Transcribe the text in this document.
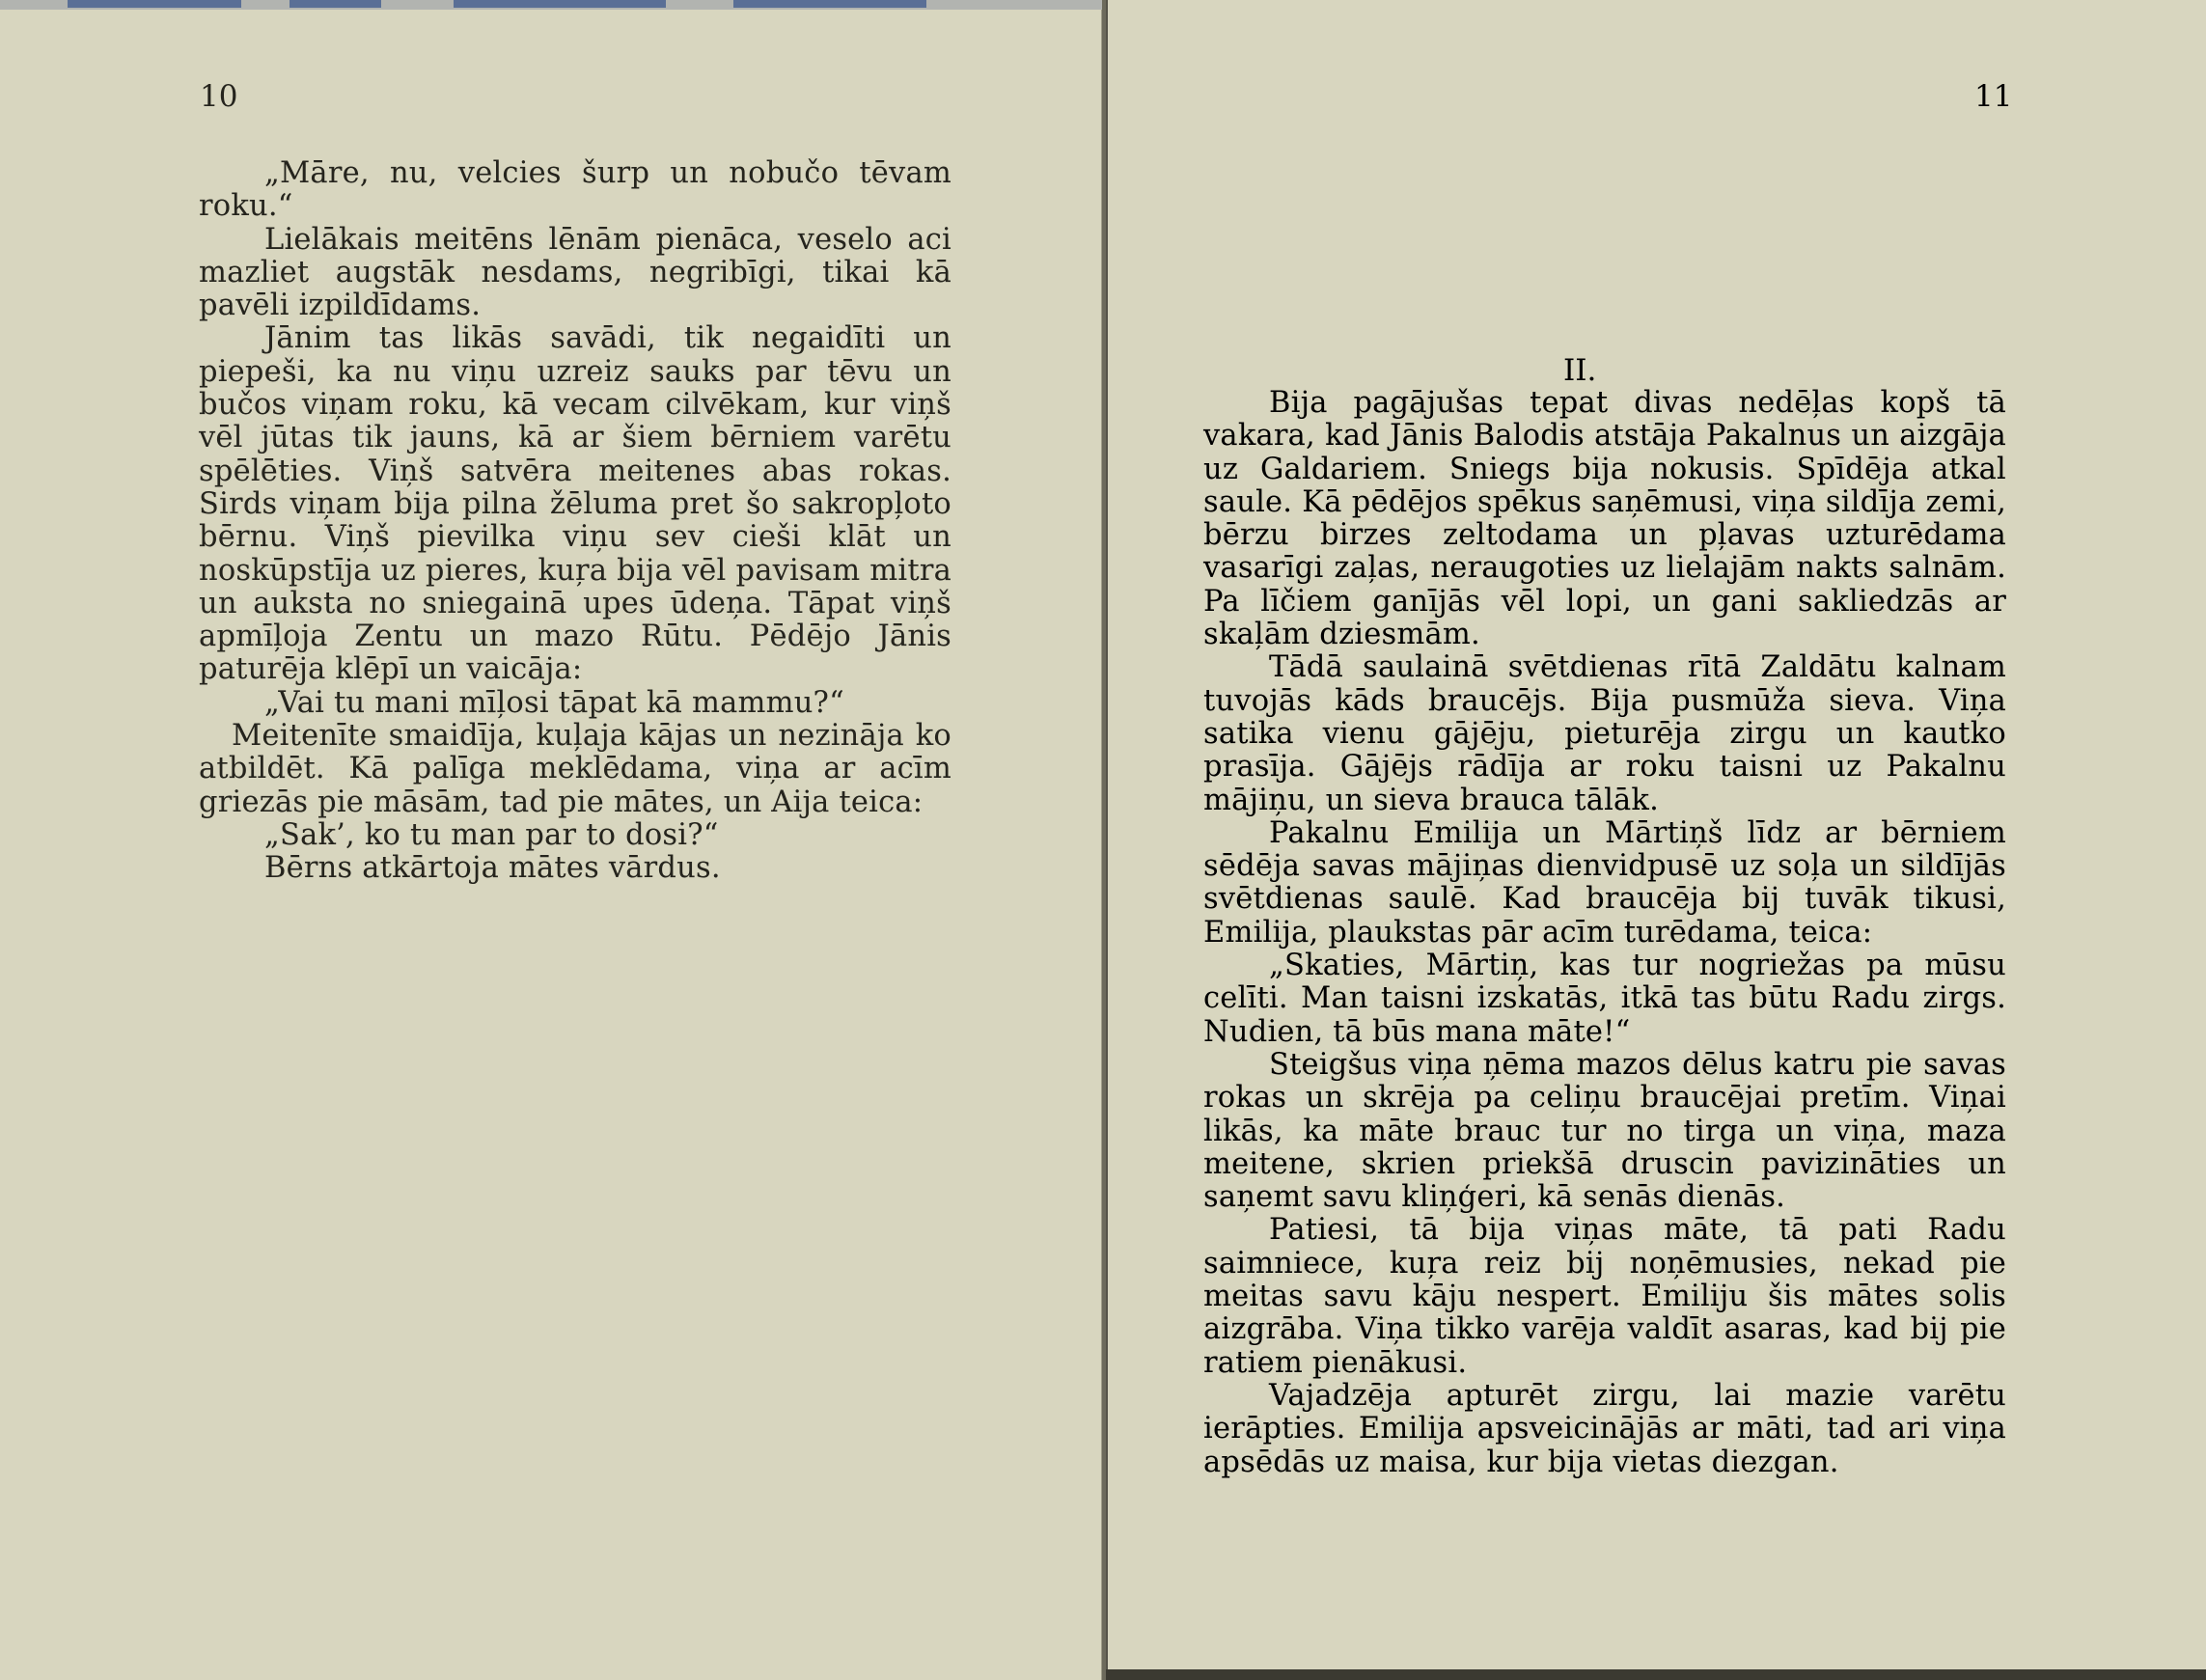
10

„Māre, nu, velcies šurp un nobučo tēvam roku.“

Lielākais meitēns lēnām pienāca, veselo aci mazliet augstāk nesdams, negribīgi, tikai kā pavēli izpildīdams.

Jānim tas likās savādi, tik negaidīti un piepeši, ka nu viņu uzreiz sauks par tēvu un bučos viņam roku, kā vecam cilvēkam, kur viņš vēl jūtas tik jauns, kā ar šiem bērniem varētu spēlēties. Viņš satvēra meitenes abas rokas. Sirds viņam bija pilna žēluma pret šo sakropļoto bērnu. Viņš pievilka viņu sev cieši klāt un noskūpstīja uz pieres, kuŗa bija vēl pavisam mitra un auksta no sniegainā upes ūdeņa. Tāpat viņš apmīļoja Zentu un mazo Rūtu. Pēdējo Jānis paturēja klēpī un vaicāja:

„Vai tu mani mīļosi tāpat kā mammu?“

Meitenīte smaidīja, kuļaja kājas un nezināja ko atbildēt. Kā palīga meklēdama, viņa ar acīm griezās pie māsām, tad pie mātes, un Aija teica:

„Sak’, ko tu man par to dosi?“

Bērns atkārtoja mātes vārdus.

11
II.

Bija pagājušas tepat divas nedēļas kopš tā vakara, kad Jānis Balodis atstāja Pakalnus un aizgāja uz Galdariem. Sniegs bija nokusis. Spīdēja atkal saule. Kā pēdējos spēkus saņēmusi, viņa sildīja zemi, bērzu birzes zeltodama un pļavas uzturēdama vasarīgi zaļas, neraugoties uz lielajām nakts salnām. Pa līčiem ganījās vēl lopi, un gani sakliedzās ar skaļām dziesmām.

Tādā saulainā svētdienas rītā Zaldātu kalnam tuvojās kāds braucējs. Bija pusmūža sieva. Viņa satika vienu gājēju, pieturēja zirgu un kautko prasīja. Gājējs rādīja ar roku taisni uz Pakalnu mājiņu, un sieva brauca tālāk.

Pakalnu Emilija un Mārtiņš līdz ar bērniem sēdēja savas mājiņas dienvidpusē uz soļa un sildījās svētdienas saulē. Kad braucēja bij tuvāk tikusi, Emilija, plaukstas pār acīm turēdama, teica:

„Skaties, Mārtiņ, kas tur nogriežas pa mūsu celīti. Man taisni izskatās, itkā tas būtu Radu zirgs. Nudien, tā būs mana māte!“

Steigšus viņa ņēma mazos dēlus katru pie savas rokas un skrēja pa celiņu braucējai pretīm. Viņai likās, ka māte brauc tur no tirga un viņa, maza meitene, skrien priekšā druscin pavizināties un saņemt savu kliņģeri, kā senās dienās.

Patiesi, tā bija viņas māte, tā pati Radu saimniece, kuŗa reiz bij noņēmusies, nekad pie meitas savu kāju nespert. Emiliju šis mātes solis aizgrāba. Viņa tikko varēja valdīt asaras, kad bij pie ratiem pienākusi.

Vajadzēja apturēt zirgu, lai mazie varētu ierāpties. Emilija apsveicinājās ar māti, tad ari viņa apsēdās uz maisa, kur bija vietas diezgan.
